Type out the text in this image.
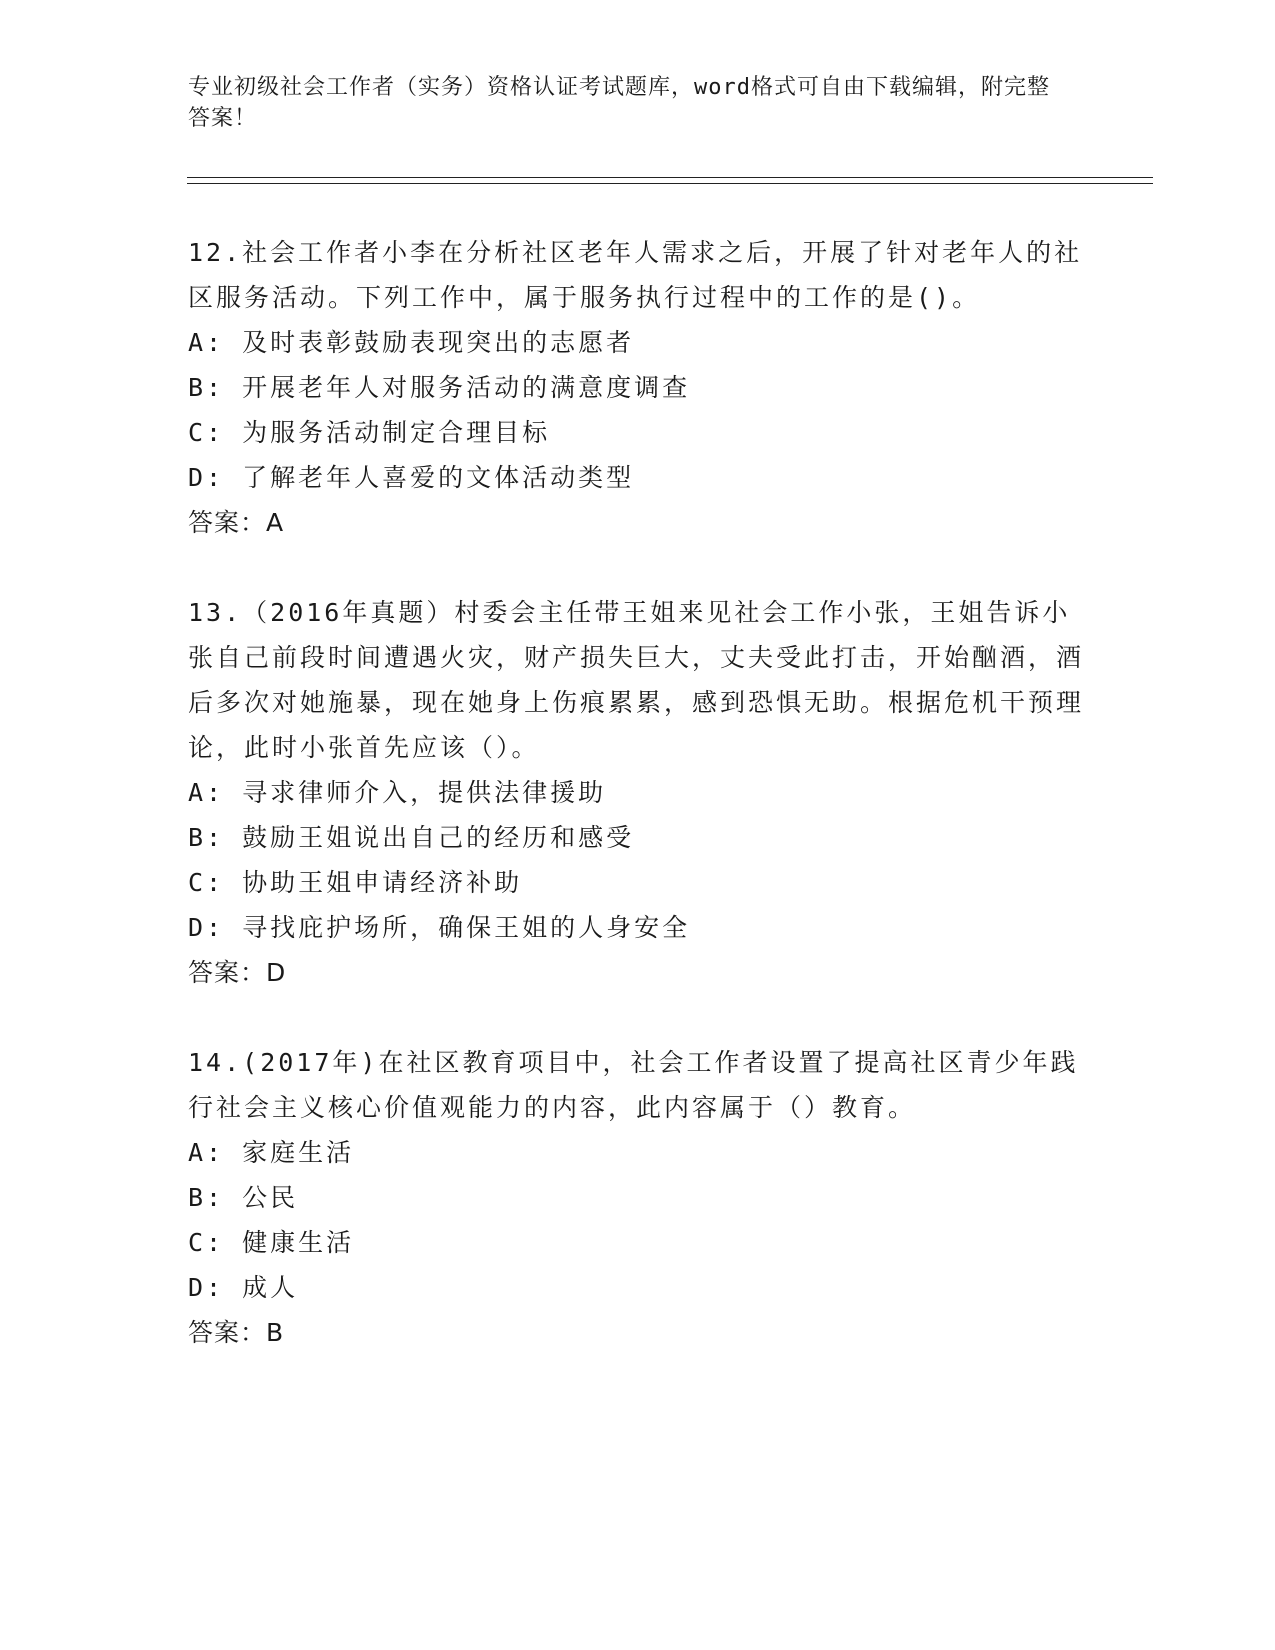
专业初级社会工作者（实务）资格认证考试题库，word格式可自由下载编辑，附完整答案！
12.社会工作者小李在分析社区老年人需求之后，开展了针对老年人的社区服务活动。下列工作中，属于服务执行过程中的工作的是()。
A: 及时表彰鼓励表现突出的志愿者
B: 开展老年人对服务活动的满意度调查
C: 为服务活动制定合理目标
D: 了解老年人喜爱的文体活动类型
答案：A
13.（2016年真题）村委会主任带王姐来见社会工作小张，王姐告诉小张自己前段时间遭遇火灾，财产损失巨大，丈夫受此打击，开始酗酒，酒后多次对她施暴，现在她身上伤痕累累，感到恐惧无助。根据危机干预理论，此时小张首先应该（）。
A: 寻求律师介入，提供法律援助
B: 鼓励王姐说出自己的经历和感受
C: 协助王姐申请经济补助
D: 寻找庇护场所，确保王姐的人身安全
答案：D
14.(2017年)在社区教育项目中，社会工作者设置了提高社区青少年践行社会主义核心价值观能力的内容，此内容属于（）教育。
A: 家庭生活
B: 公民
C: 健康生活
D: 成人
答案：B
